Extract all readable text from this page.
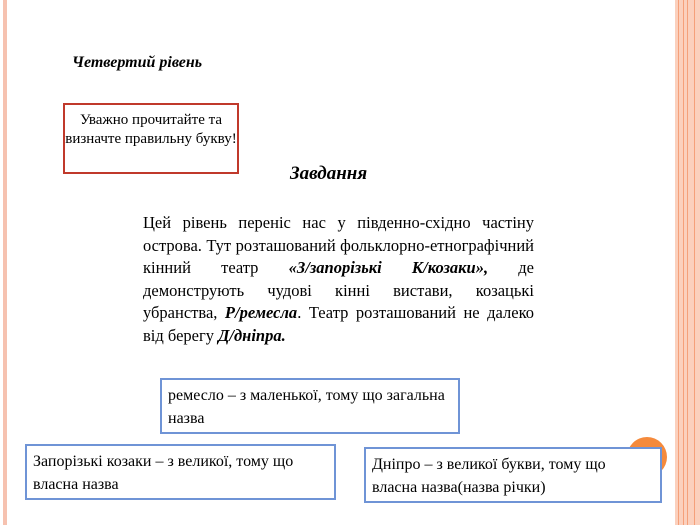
Четвертий рівень
Уважно прочитайте та визначте правильну букву!
Завдання
Цей рівень переніс нас у південно-східно частіну острова. Тут розташований фольклорно-етнографічний кінний театр «З/запорізькі К/козаки», де демонструють чудові кінні вистави, козацькі убранства, Р/ремесла. Театр розташований не далеко від берегу Д/дніпра.
ремесло – з маленької, тому що загальна назва
Запорізькі козаки – з великої, тому що власна назва
Дніпро – з великої букви, тому що власна назва(назва річки)
